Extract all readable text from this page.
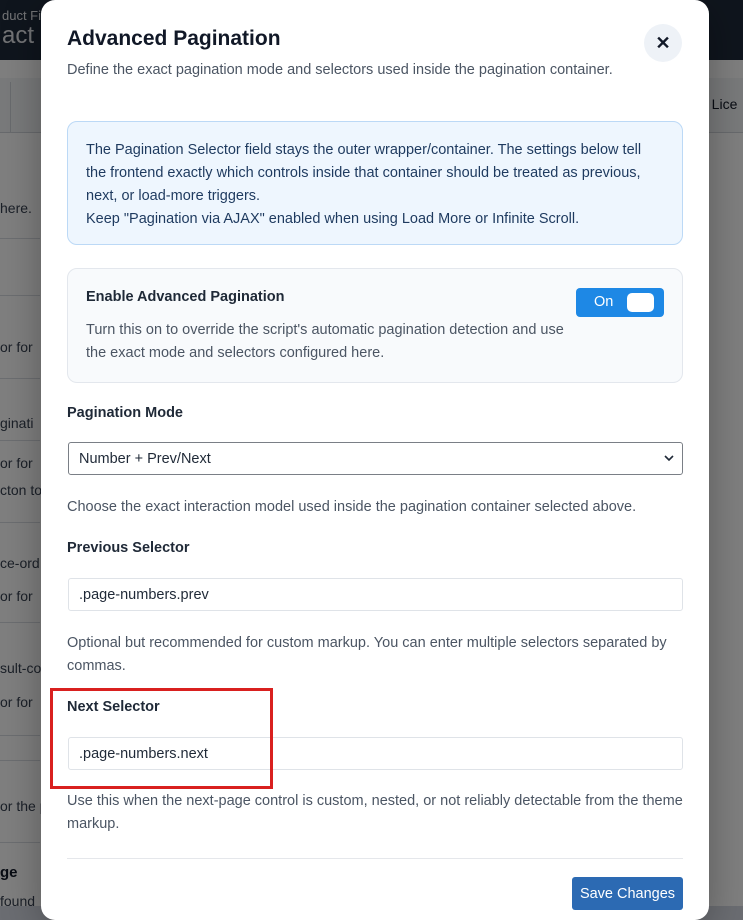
Advanced Pagination	✕
Define the exact pagination mode and selectors used inside the pagination container.

The Pagination Selector field stays the outer wrapper/container. The settings below tell the frontend exactly which controls inside that container should be treated as previous, next, or load-more triggers.

Keep "Pagination via AJAX" enabled when using Load More or Infinite Scroll.

Enable Advanced Pagination
Turn this on to override the script's automatic pagination detection and use the exact mode and selectors configured here.
On
Pagination Mode
Number + Prev/Next
Choose the exact interaction model used inside the pagination container selected above.
Previous Selector
.page-numbers.prev
Optional but recommended for custom markup. You can enter multiple selectors separated by commas.
Next Selector
.page-numbers.next
Use this when the next-page control is custom, nested, or not reliably detectable from the theme markup.
Save Changes
